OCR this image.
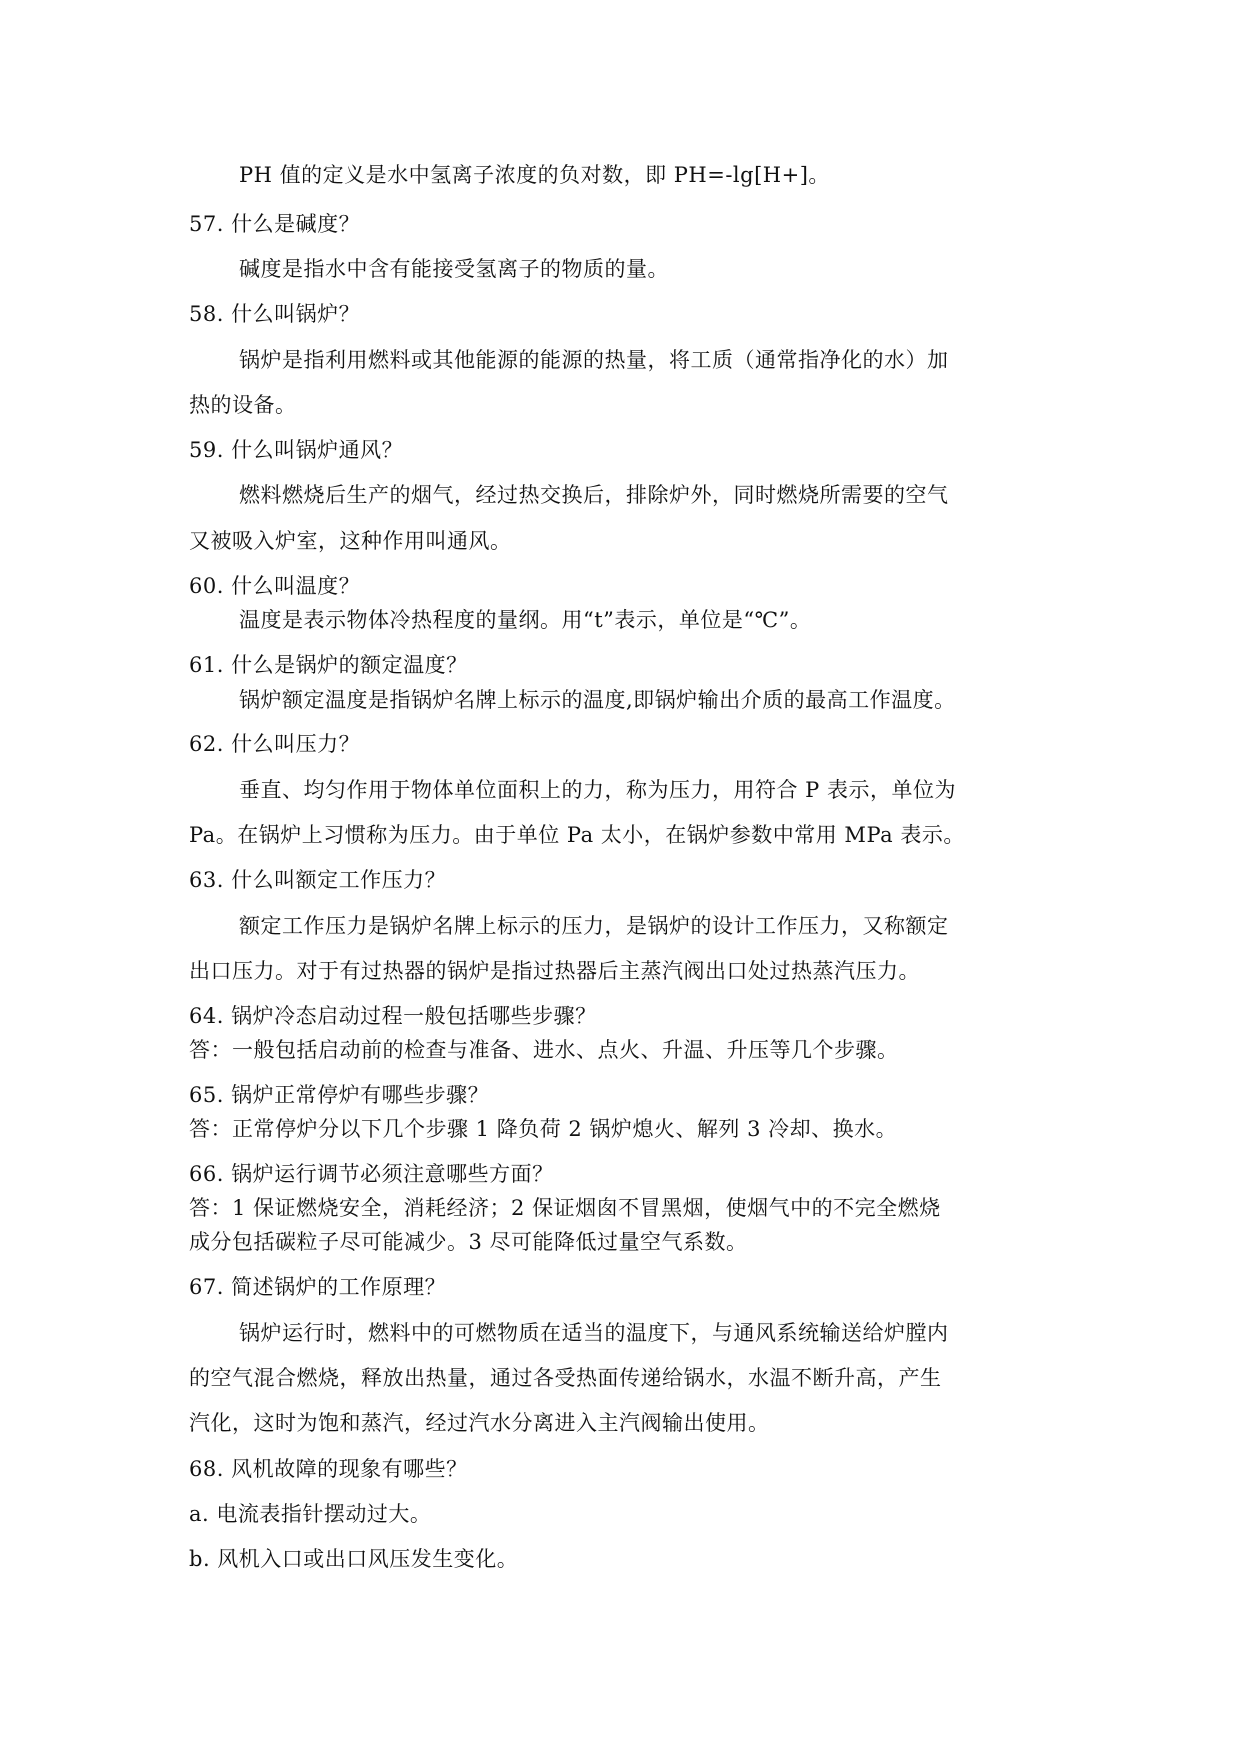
PH 值的定义是水中氢离子浓度的负对数，即 PH=-lg[H+]。
57. 什么是碱度？
碱度是指水中含有能接受氢离子的物质的量。
58. 什么叫锅炉？
锅炉是指利用燃料或其他能源的能源的热量，将工质（通常指净化的水）加
热的设备。
59. 什么叫锅炉通风？
燃料燃烧后生产的烟气，经过热交换后，排除炉外，同时燃烧所需要的空气
又被吸入炉室，这种作用叫通风。
60. 什么叫温度？
温度是表示物体冷热程度的量纲。用“t”表示，单位是“℃”。
61. 什么是锅炉的额定温度？
锅炉额定温度是指锅炉名牌上标示的温度,即锅炉输出介质的最高工作温度。
62. 什么叫压力？
垂直、均匀作用于物体单位面积上的力，称为压力，用符合 P 表示，单位为
Pa。在锅炉上习惯称为压力。由于单位 Pa 太小，在锅炉参数中常用 MPa 表示。
63. 什么叫额定工作压力？
额定工作压力是锅炉名牌上标示的压力，是锅炉的设计工作压力，又称额定
出口压力。对于有过热器的锅炉是指过热器后主蒸汽阀出口处过热蒸汽压力。
64. 锅炉冷态启动过程一般包括哪些步骤？
答：一般包括启动前的检查与准备、进水、点火、升温、升压等几个步骤。
65. 锅炉正常停炉有哪些步骤？
答：正常停炉分以下几个步骤 1 降负荷 2 锅炉熄火、解列 3 冷却、换水。
66. 锅炉运行调节必须注意哪些方面？
答：1 保证燃烧安全，消耗经济；2 保证烟囱不冒黑烟，使烟气中的不完全燃烧
成分包括碳粒子尽可能减少。3 尽可能降低过量空气系数。
67. 简述锅炉的工作原理？
锅炉运行时，燃料中的可燃物质在适当的温度下，与通风系统输送给炉膛内
的空气混合燃烧，释放出热量，通过各受热面传递给锅水，水温不断升高，产生
汽化，这时为饱和蒸汽，经过汽水分离进入主汽阀输出使用。
68. 风机故障的现象有哪些？
a. 电流表指针摆动过大。
b. 风机入口或出口风压发生变化。
